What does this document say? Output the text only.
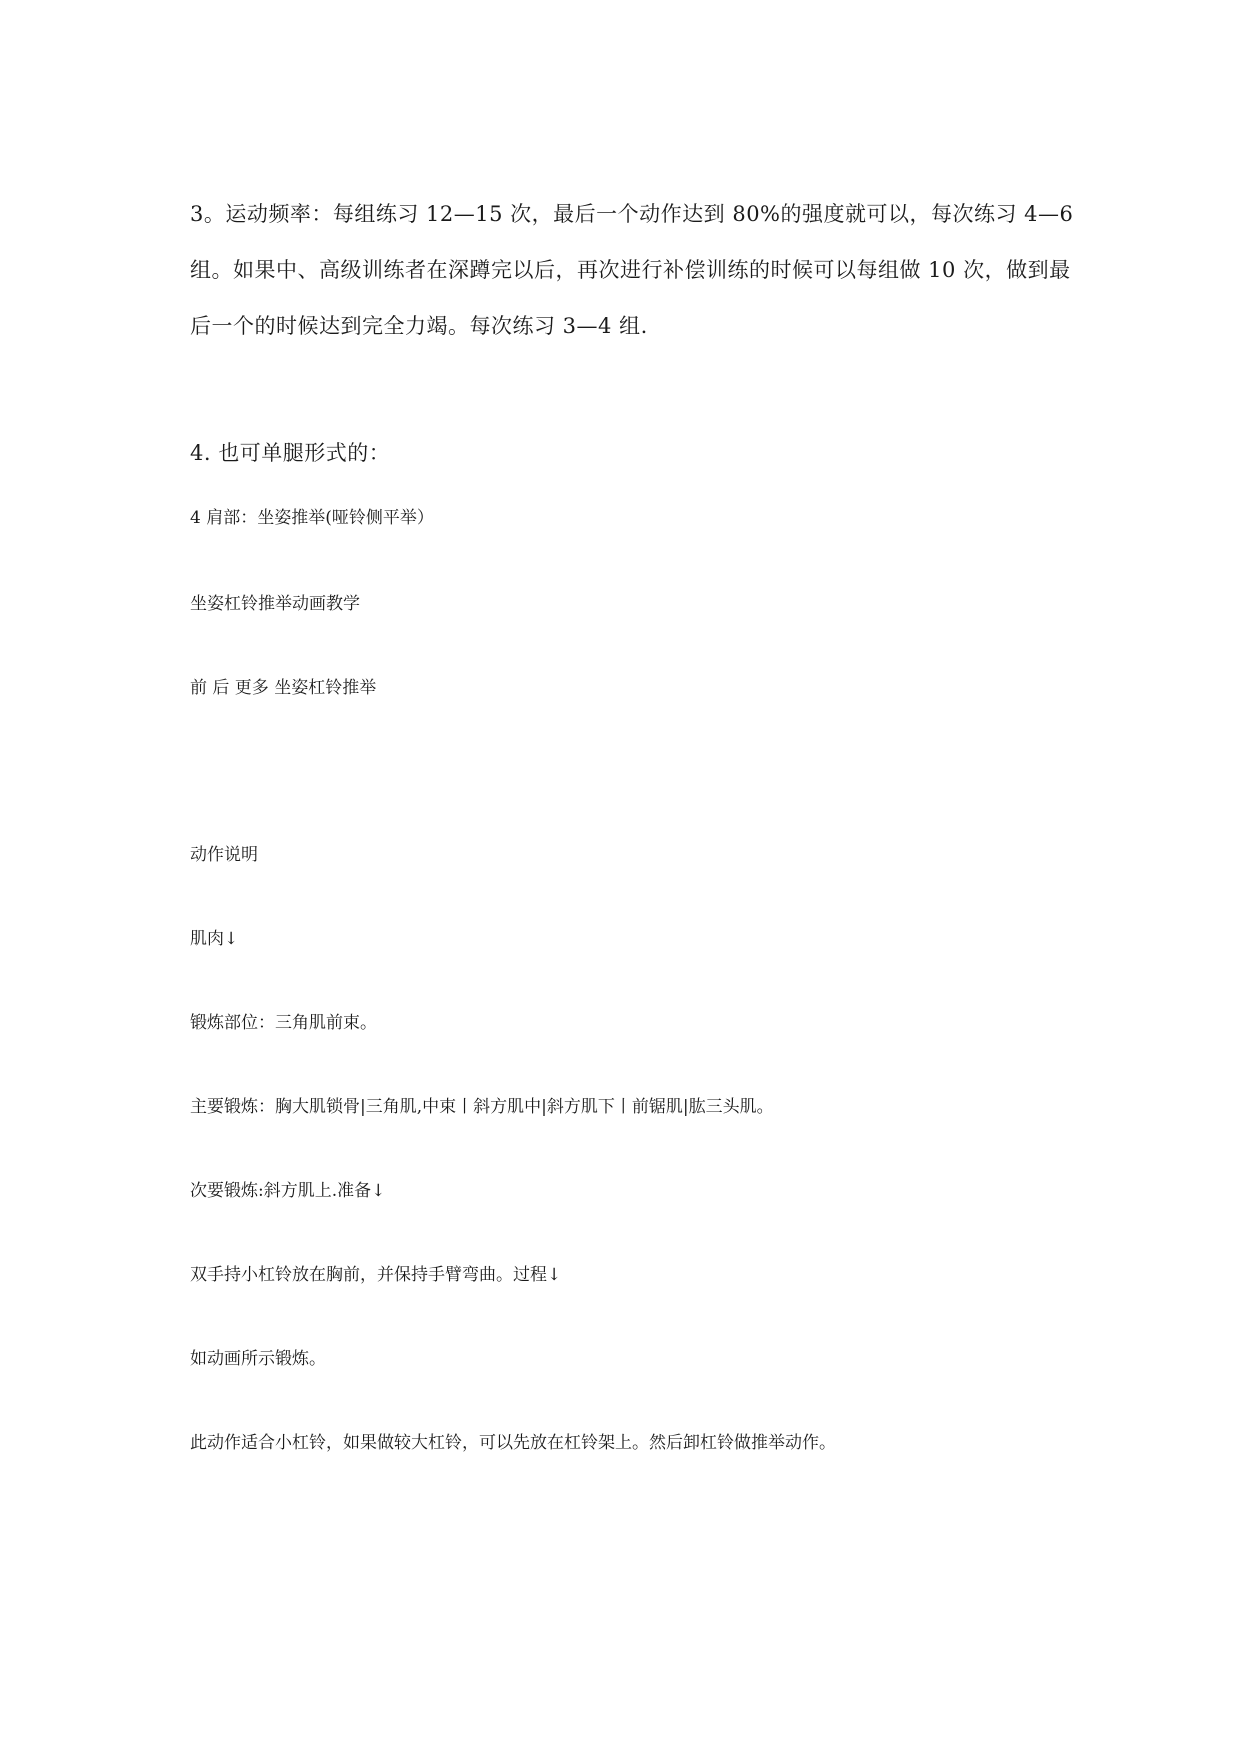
3。运动频率：每组练习 12—15 次，最后一个动作达到 80%的强度就可以，每次练习 4—6
组。如果中、高级训练者在深蹲完以后，再次进行补偿训练的时候可以每组做 10 次，做到最
后一个的时候达到完全力竭。每次练习 3—4 组.
4. 也可单腿形式的：
4 肩部：坐姿推举(哑铃侧平举）
坐姿杠铃推举动画教学
前 后 更多 坐姿杠铃推举
动作说明
肌肉↓
锻炼部位：三角肌前束。
主要锻炼：胸大肌锁骨|三角肌,中束丨斜方肌中|斜方肌下丨前锯肌|肱三头肌。
次要锻炼:斜方肌上.准备↓
双手持小杠铃放在胸前，并保持手臂弯曲。过程↓
如动画所示锻炼。
此动作适合小杠铃，如果做较大杠铃，可以先放在杠铃架上。然后卸杠铃做推举动作。
